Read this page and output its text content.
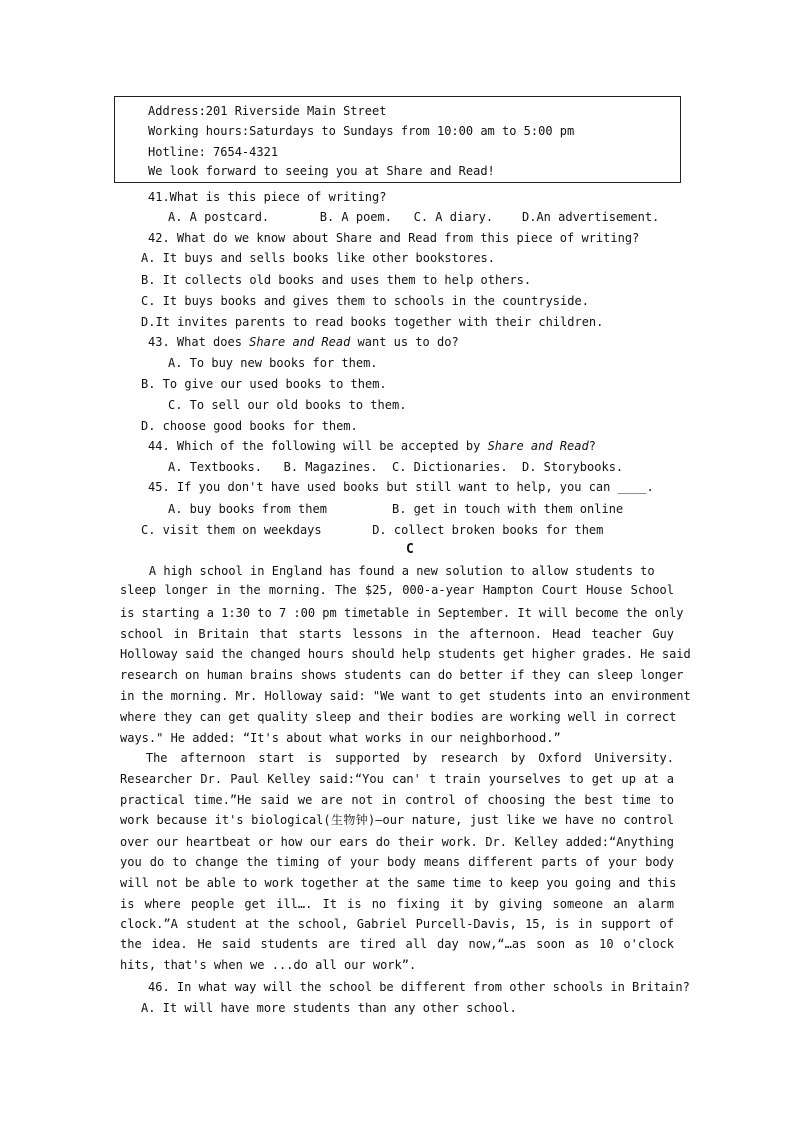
Address:201 Riverside Main Street
Working hours:Saturdays to Sundays from 10:00 am to 5:00 pm
Hotline: 7654-4321
We look forward to seeing you at Share and Read!
41.What is this piece of writing?
A. A postcard.       B. A poem.   C. A diary.    D.An advertisement.
42. What do we know about Share and Read from this piece of writing?
A. It buys and sells books like other bookstores.
B. It collects old books and uses them to help others.
C. It buys books and gives them to schools in the countryside.
D.It invites parents to read books together with their children.
43. What does Share and Read want us to do?
A. To buy new books for them.
B. To give our used books to them.
C. To sell our old books to them.
D. choose good books for them.
44. Which of the following will be accepted by Share and Read?
A. Textbooks.   B. Magazines.  C. Dictionaries.  D. Storybooks.
45. If you don't have used books but still want to help, you can ____.
A. buy books from them         B. get in touch with them online
C. visit them on weekdays       D. collect broken books for them
C
A high school in England has found a new solution to allow students to
sleep longer in the morning. The $25, 000-a-year Hampton Court House School
is starting a 1:30 to 7 :00 pm timetable in September. It will become the only
school in Britain that starts lessons in the afternoon. Head teacher Guy
Holloway said the changed hours should help students get higher grades. He said
research on human brains shows students can do better if they can sleep longer
in the morning. Mr. Holloway said: "We want to get students into an environment
where they can get quality sleep and their bodies are working well in correct
ways." He added: “It's about what works in our neighborhood.”
The afternoon start is supported by research by Oxford University.
Researcher Dr. Paul Kelley said:“You can' t train yourselves to get up at a
practical time.”He said we are not in control of choosing the best time to
work because it's biological(生物钟)—our nature, just like we have no control
over our heartbeat or how our ears do their work. Dr. Kelley added:“Anything
you do to change the timing of your body means different parts of your body
will not be able to work together at the same time to keep you going and this
is where people get ill…. It is no fixing it by giving someone an alarm
clock.”A student at the school, Gabriel Purcell-Davis, 15, is in support of
the idea. He said students are tired all day now,“…as soon as 10 o'clock
hits, that's when we ...do all our work”.
46. In what way will the school be different from other schools in Britain?
A. It will have more students than any other school.
